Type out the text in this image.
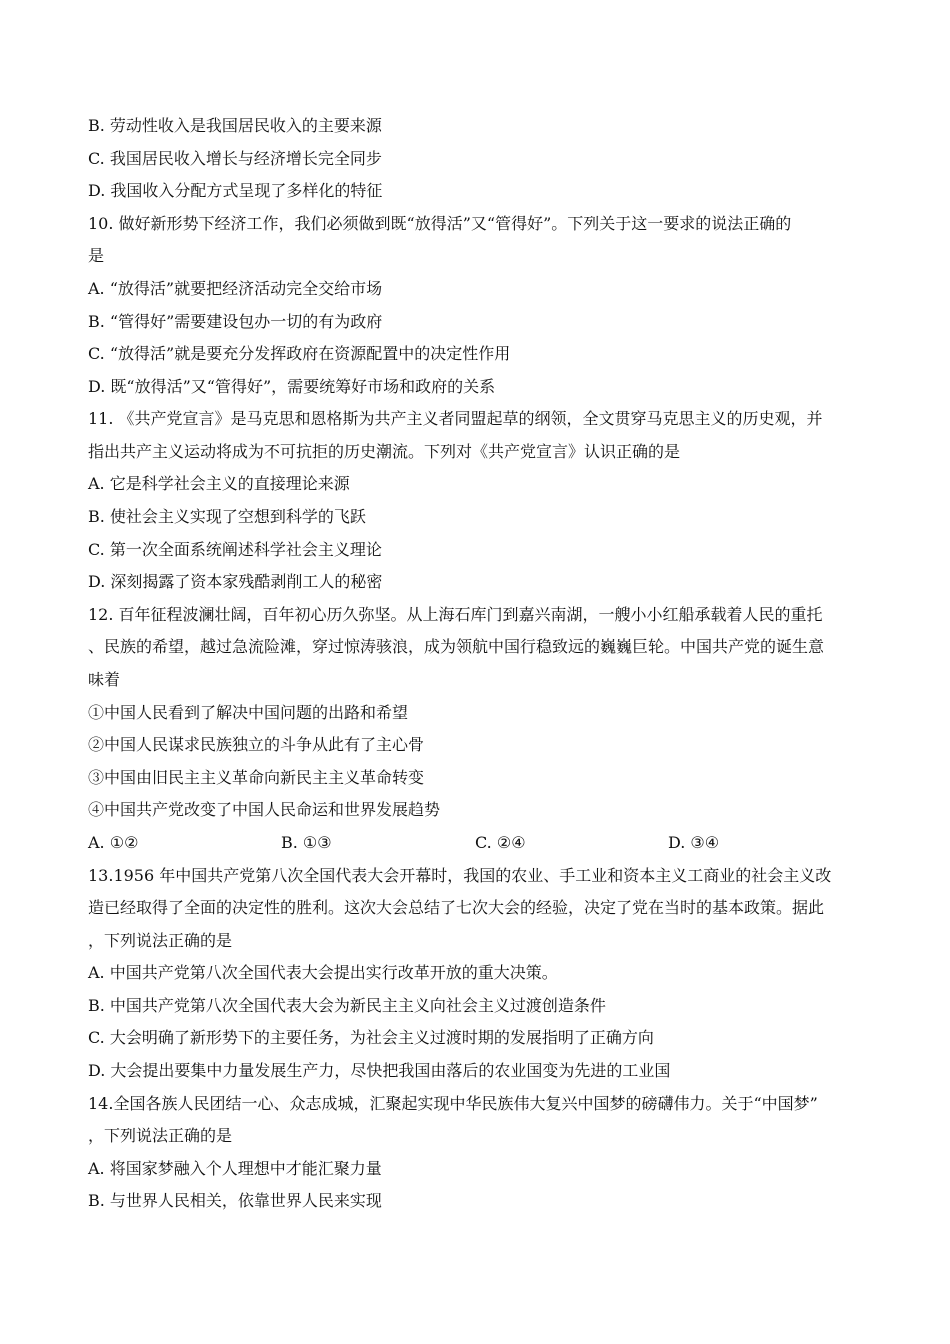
B. 劳动性收入是我国居民收入的主要来源
C. 我国居民收入增长与经济增长完全同步
D. 我国收入分配方式呈现了多样化的特征
10. 做好新形势下经济工作，我们必须做到既“放得活”又“管得好”。下列关于这一要求的说法正确的
是
A. “放得活”就要把经济活动完全交给市场
B. “管得好”需要建设包办一切的有为政府
C. “放得活”就是要充分发挥政府在资源配置中的决定性作用
D. 既“放得活”又“管得好”，需要统筹好市场和政府的关系
11. 《共产党宣言》是马克思和恩格斯为共产主义者同盟起草的纲领，全文贯穿马克思主义的历史观，并
指出共产主义运动将成为不可抗拒的历史潮流。下列对《共产党宣言》认识正确的是
A. 它是科学社会主义的直接理论来源
B. 使社会主义实现了空想到科学的飞跃
C. 第一次全面系统阐述科学社会主义理论
D. 深刻揭露了资本家残酷剥削工人的秘密
12. 百年征程波澜壮阔，百年初心历久弥坚。从上海石库门到嘉兴南湖，一艘小小红船承载着人民的重托
、民族的希望，越过急流险滩，穿过惊涛骇浪，成为领航中国行稳致远的巍巍巨轮。中国共产党的诞生意
味着
①中国人民看到了解决中国问题的出路和希望
②中国人民谋求民族独立的斗争从此有了主心骨
③中国由旧民主主义革命向新民主主义革命转变
④中国共产党改变了中国人民命运和世界发展趋势
A. ①②	B. ①③	C. ②④	D. ③④
13.1956 年中国共产党第八次全国代表大会开幕时，我国的农业、手工业和资本主义工商业的社会主义改
造已经取得了全面的决定性的胜利。这次大会总结了七次大会的经验，决定了党在当时的基本政策。据此
，下列说法正确的是
A. 中国共产党第八次全国代表大会提出实行改革开放的重大决策。
B. 中国共产党第八次全国代表大会为新民主主义向社会主义过渡创造条件
C. 大会明确了新形势下的主要任务，为社会主义过渡时期的发展指明了正确方向
D. 大会提出要集中力量发展生产力，尽快把我国由落后的农业国变为先进的工业国
14.全国各族人民团结一心、众志成城，汇聚起实现中华民族伟大复兴中国梦的磅礴伟力。关于“中国梦”
，下列说法正确的是
A. 将国家梦融入个人理想中才能汇聚力量
B. 与世界人民相关，依靠世界人民来实现
